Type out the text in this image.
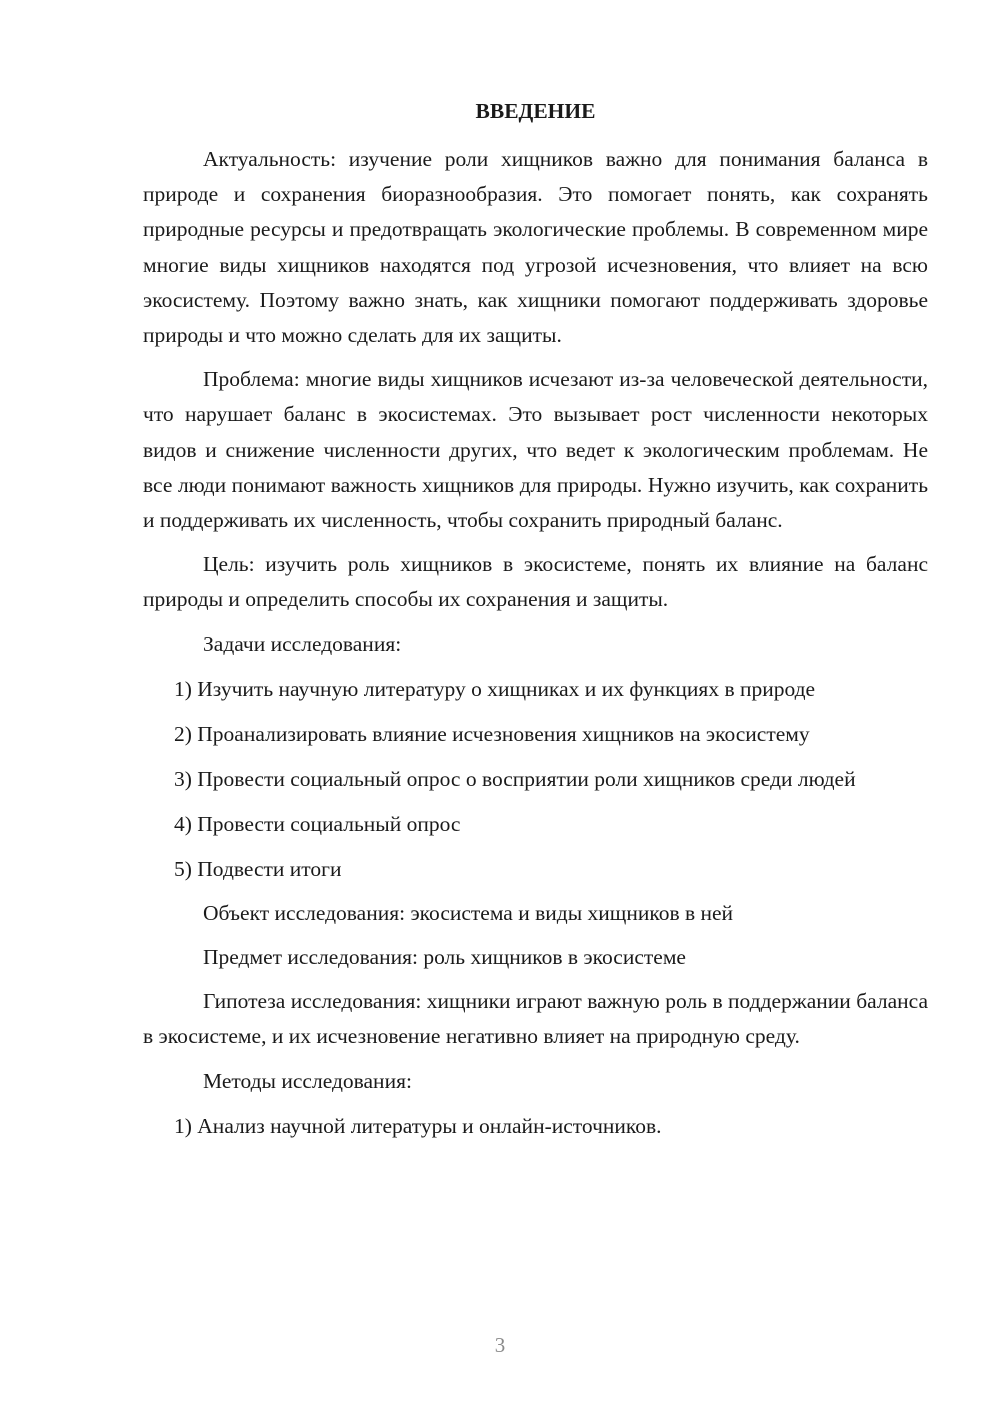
ВВЕДЕНИЕ

Актуальность: изучение роли хищников важно для понимания баланса в природе и сохранения биоразнообразия. Это помогает понять, как сохранять природные ресурсы и предотвращать экологические проблемы. В современном мире многие виды хищников находятся под угрозой исчезновения, что влияет на всю экосистему. Поэтому важно знать, как хищники помогают поддерживать здоровье природы и что можно сделать для их защиты.

Проблема: многие виды хищников исчезают из-за человеческой деятельности, что нарушает баланс в экосистемах. Это вызывает рост численности некоторых видов и снижение численности других, что ведет к экологическим проблемам. Не все люди понимают важность хищников для природы. Нужно изучить, как сохранить и поддерживать их численность, чтобы сохранить природный баланс.

Цель: изучить роль хищников в экосистеме, понять их влияние на баланс природы и определить способы их сохранения и защиты.

Задачи исследования:

1) Изучить научную литературу о хищниках и их функциях в природе

2) Проанализировать влияние исчезновения хищников на экосистему

3) Провести социальный опрос о восприятии роли хищников среди людей

4) Провести социальный опрос

5) Подвести итоги

Объект исследования: экосистема и виды хищников в ней

Предмет исследования: роль хищников в экосистеме

Гипотеза исследования: хищники играют важную роль в поддержании баланса в экосистеме, и их исчезновение негативно влияет на природную среду.

Методы исследования:

1) Анализ научной литературы и онлайн-источников.

3
